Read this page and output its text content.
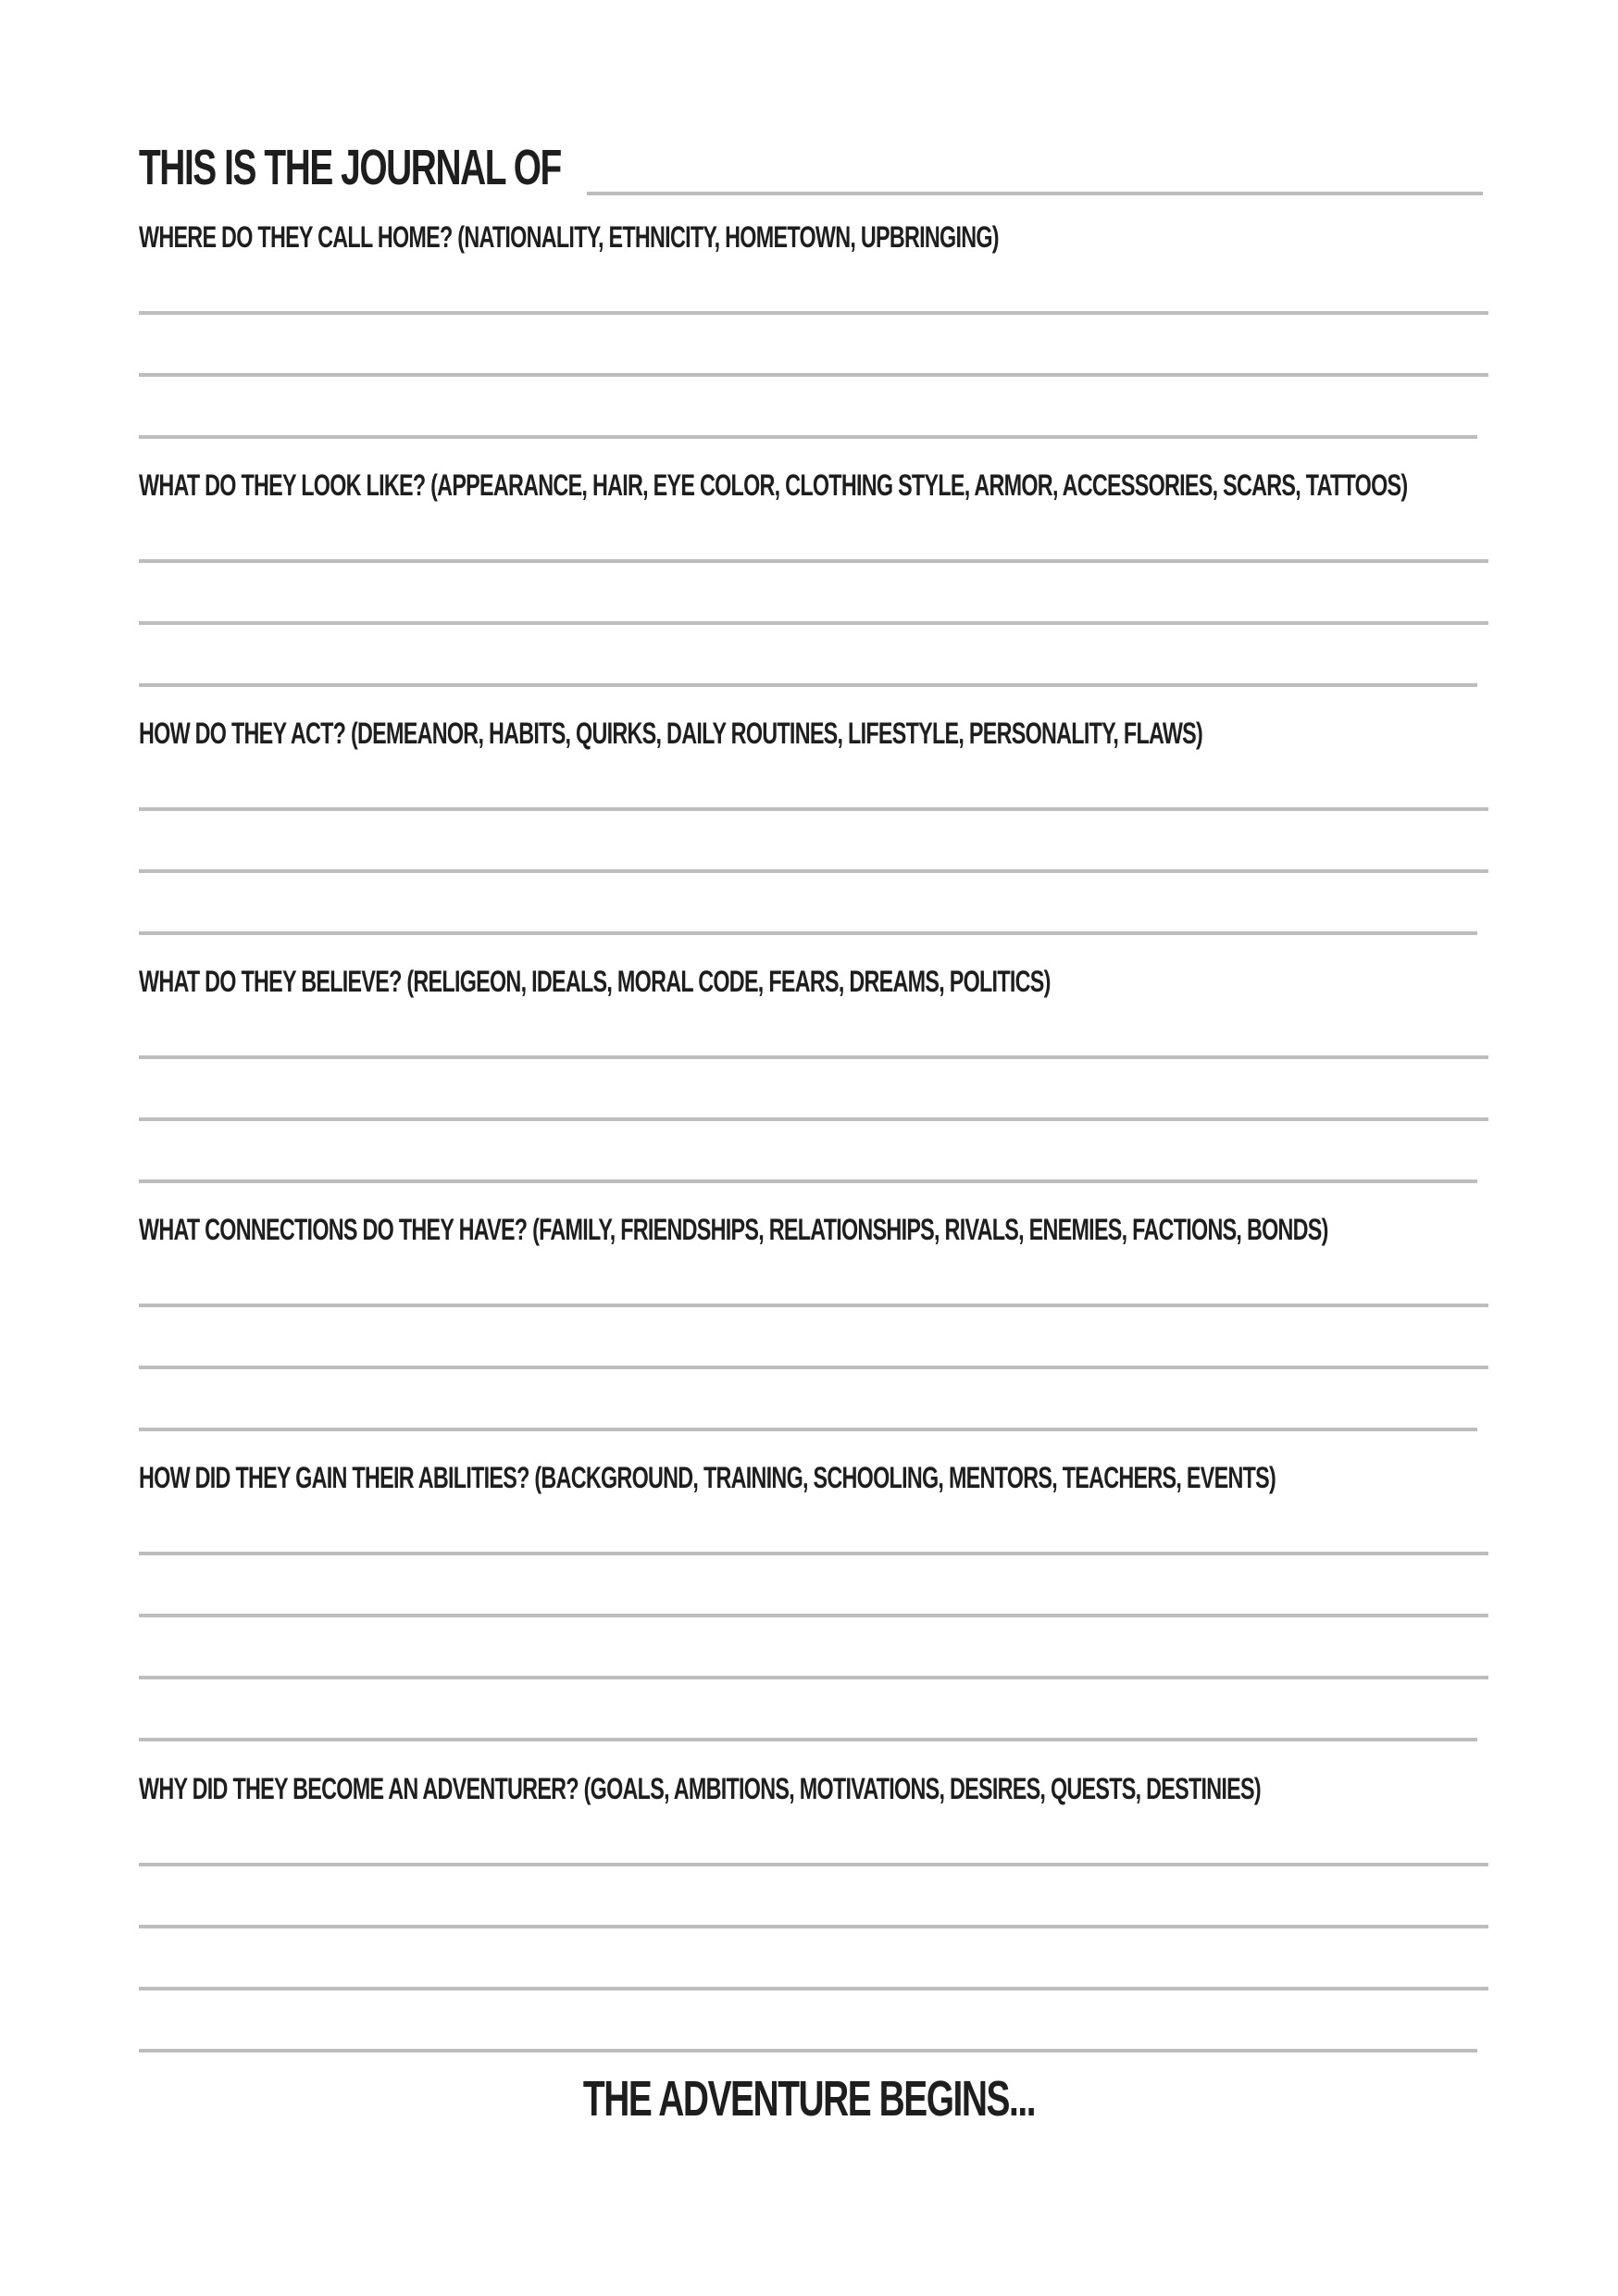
THIS IS THE JOURNAL OF
WHERE DO THEY CALL HOME? (NATIONALITY, ETHNICITY, HOMETOWN, UPBRINGING)
WHAT DO THEY LOOK LIKE? (APPEARANCE, HAIR, EYE COLOR, CLOTHING STYLE, ARMOR, ACCESSORIES, SCARS, TATTOOS)
HOW DO THEY ACT? (DEMEANOR, HABITS, QUIRKS, DAILY ROUTINES, LIFESTYLE, PERSONALITY, FLAWS)
WHAT DO THEY BELIEVE? (RELIGEON, IDEALS, MORAL CODE, FEARS, DREAMS, POLITICS)
WHAT CONNECTIONS DO THEY HAVE? (FAMILY, FRIENDSHIPS, RELATIONSHIPS, RIVALS, ENEMIES, FACTIONS, BONDS)
HOW DID THEY GAIN THEIR ABILITIES? (BACKGROUND, TRAINING, SCHOOLING, MENTORS, TEACHERS, EVENTS)
WHY DID THEY BECOME AN ADVENTURER? (GOALS, AMBITIONS, MOTIVATIONS, DESIRES, QUESTS, DESTINIES)
THE ADVENTURE BEGINS...
